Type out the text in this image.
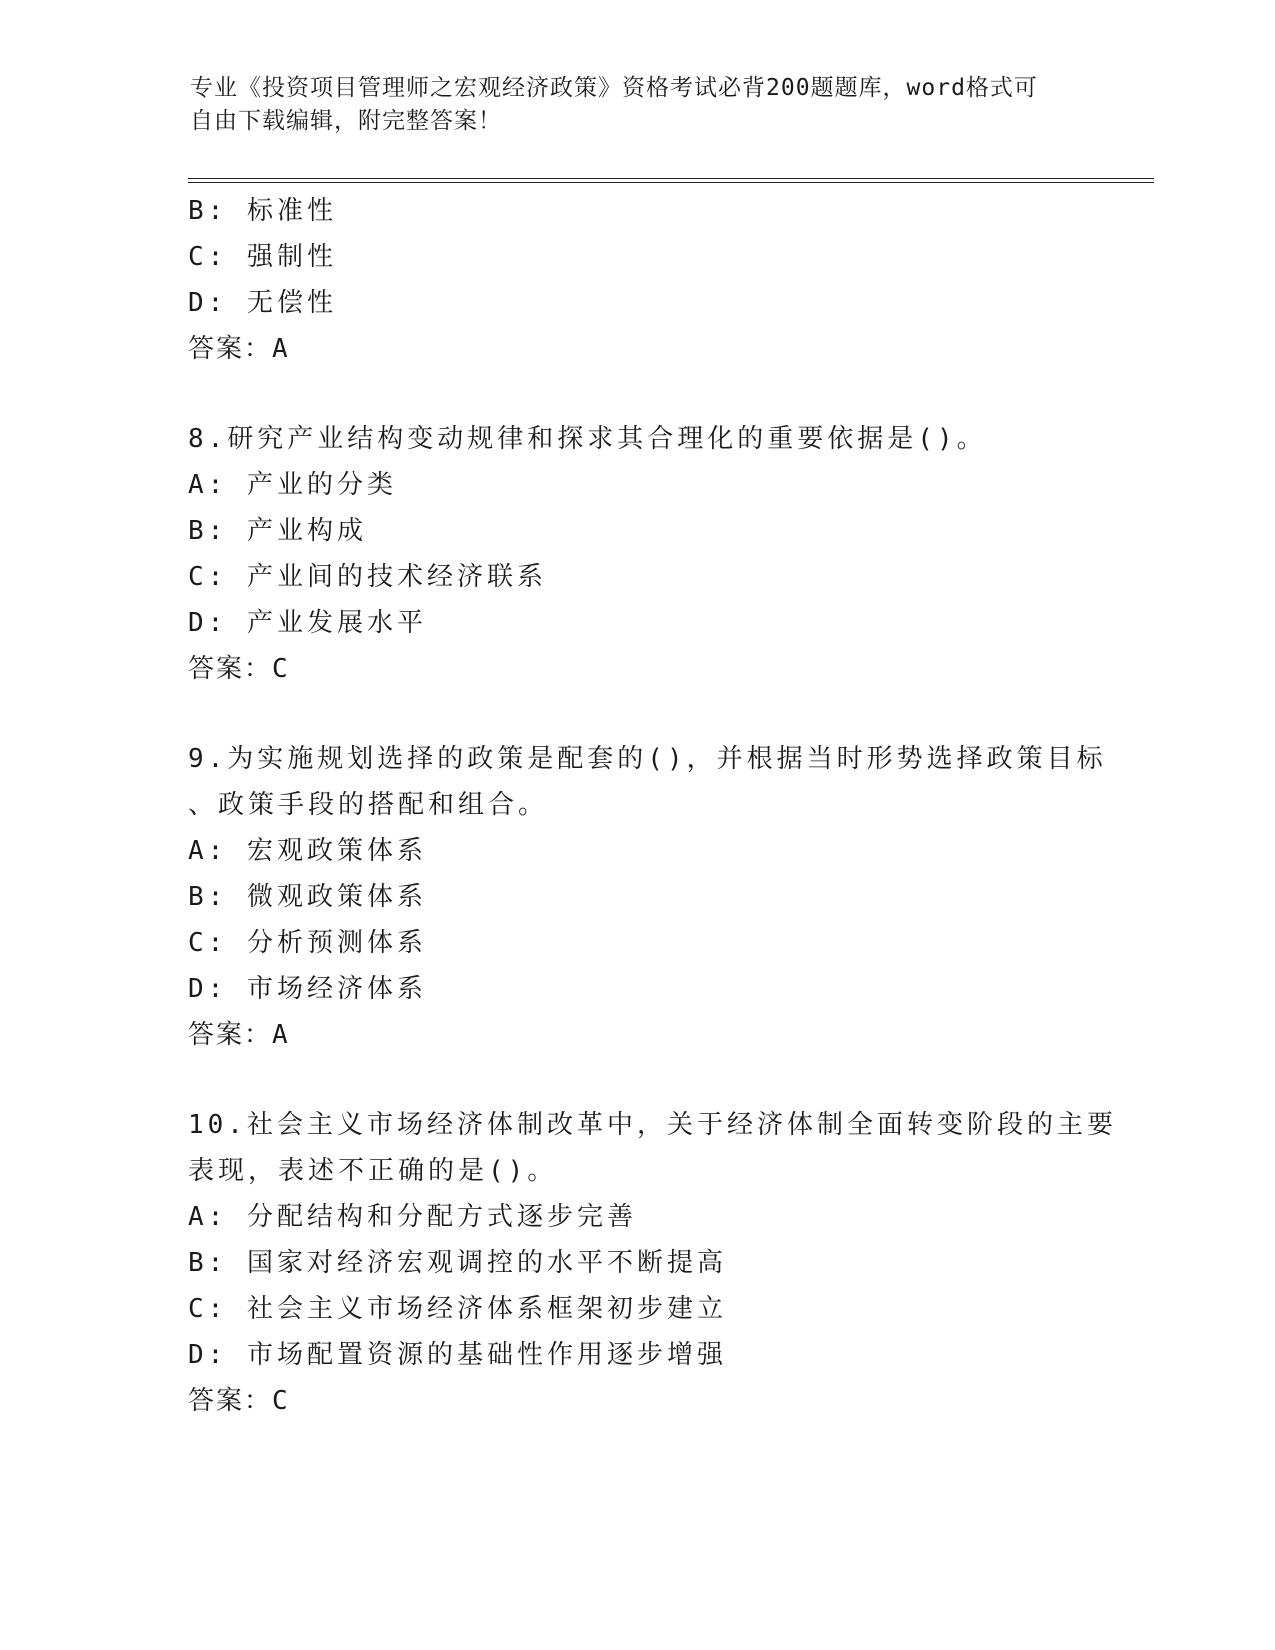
专业《投资项目管理师之宏观经济政策》资格考试必背200题题库，word格式可
自由下载编辑，附完整答案！
B: 标准性
C: 强制性
D: 无偿性
答案：A
8.研究产业结构变动规律和探求其合理化的重要依据是()。
A: 产业的分类
B: 产业构成
C: 产业间的技术经济联系
D: 产业发展水平
答案：C
9.为实施规划选择的政策是配套的()，并根据当时形势选择政策目标
、政策手段的搭配和组合。
A: 宏观政策体系
B: 微观政策体系
C: 分析预测体系
D: 市场经济体系
答案：A
10.社会主义市场经济体制改革中，关于经济体制全面转变阶段的主要
表现，表述不正确的是()。
A: 分配结构和分配方式逐步完善
B: 国家对经济宏观调控的水平不断提高
C: 社会主义市场经济体系框架初步建立
D: 市场配置资源的基础性作用逐步增强
答案：C
